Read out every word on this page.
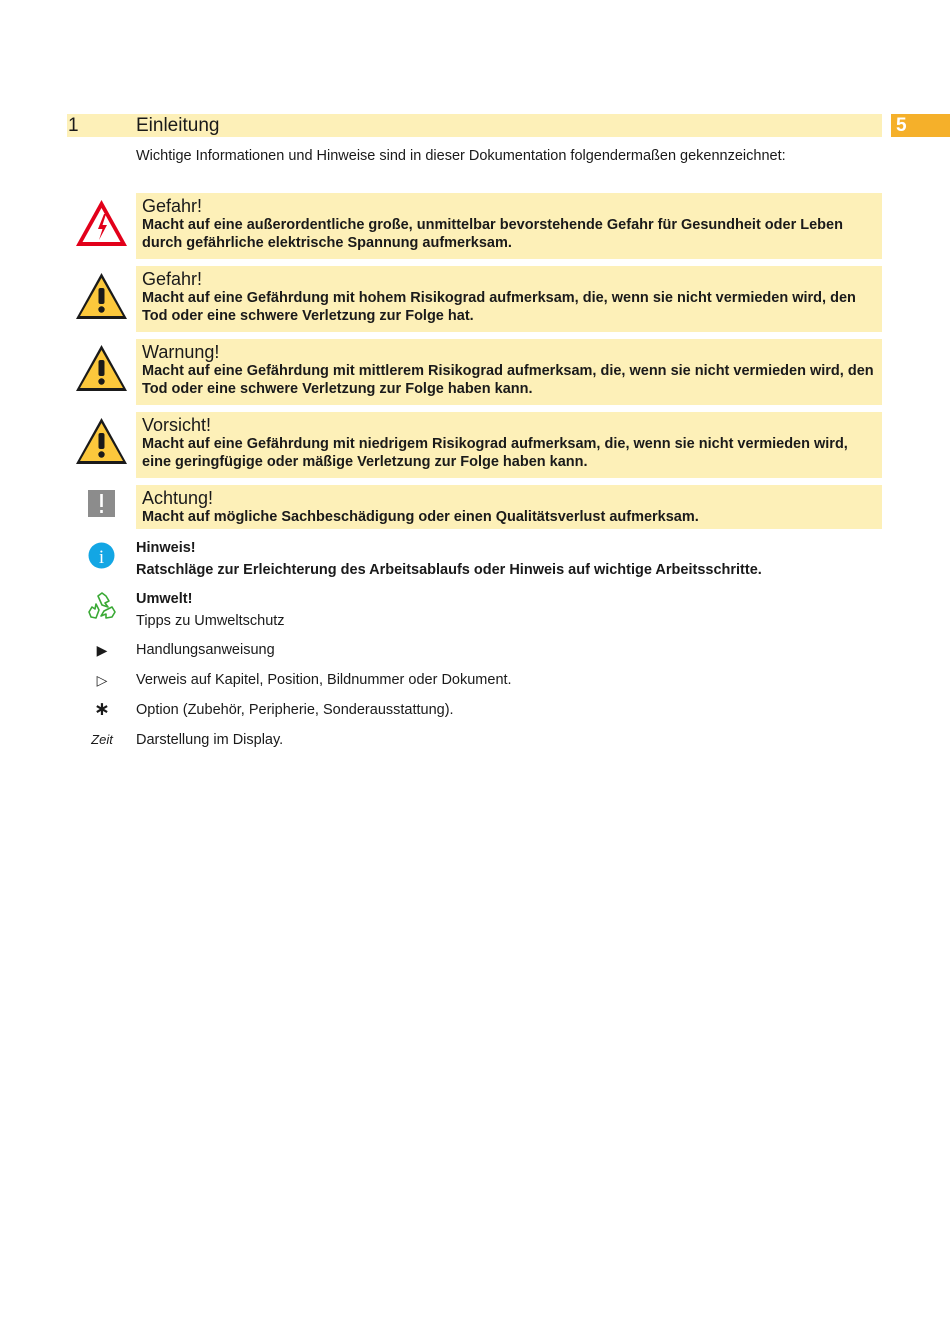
1	Einleitung	5
Wichtige Informationen und Hinweise sind in dieser Dokumentation folgendermaßen gekennzeichnet:
Gefahr!
Macht auf eine außerordentliche große, unmittelbar bevorstehende Gefahr für Gesundheit oder Leben durch gefährliche elektrische Spannung aufmerksam.
Gefahr!
Macht auf eine Gefährdung mit hohem Risikograd aufmerksam, die, wenn sie nicht vermieden wird, den Tod oder eine schwere Verletzung zur Folge hat.
Warnung!
Macht auf eine Gefährdung mit mittlerem Risikograd aufmerksam, die, wenn sie nicht vermieden wird, den Tod oder eine schwere Verletzung zur Folge haben kann.
Vorsicht!
Macht auf eine Gefährdung mit niedrigem Risikograd aufmerksam, die, wenn sie nicht vermieden wird, eine geringfügige oder mäßige Verletzung zur Folge haben kann.
Achtung!
Macht auf mögliche Sachbeschädigung oder einen Qualitätsverlust aufmerksam.
i Hinweis!
Ratschläge zur Erleichterung des Arbeitsablaufs oder Hinweis auf wichtige Arbeitsschritte.
Umwelt!
Tipps zu Umweltschutz
▶	Handlungsanweisung
▷	Verweis auf Kapitel, Position, Bildnummer oder Dokument.
∗	Option (Zubehör, Peripherie, Sonderausstattung).
Zeit	Darstellung im Display.
